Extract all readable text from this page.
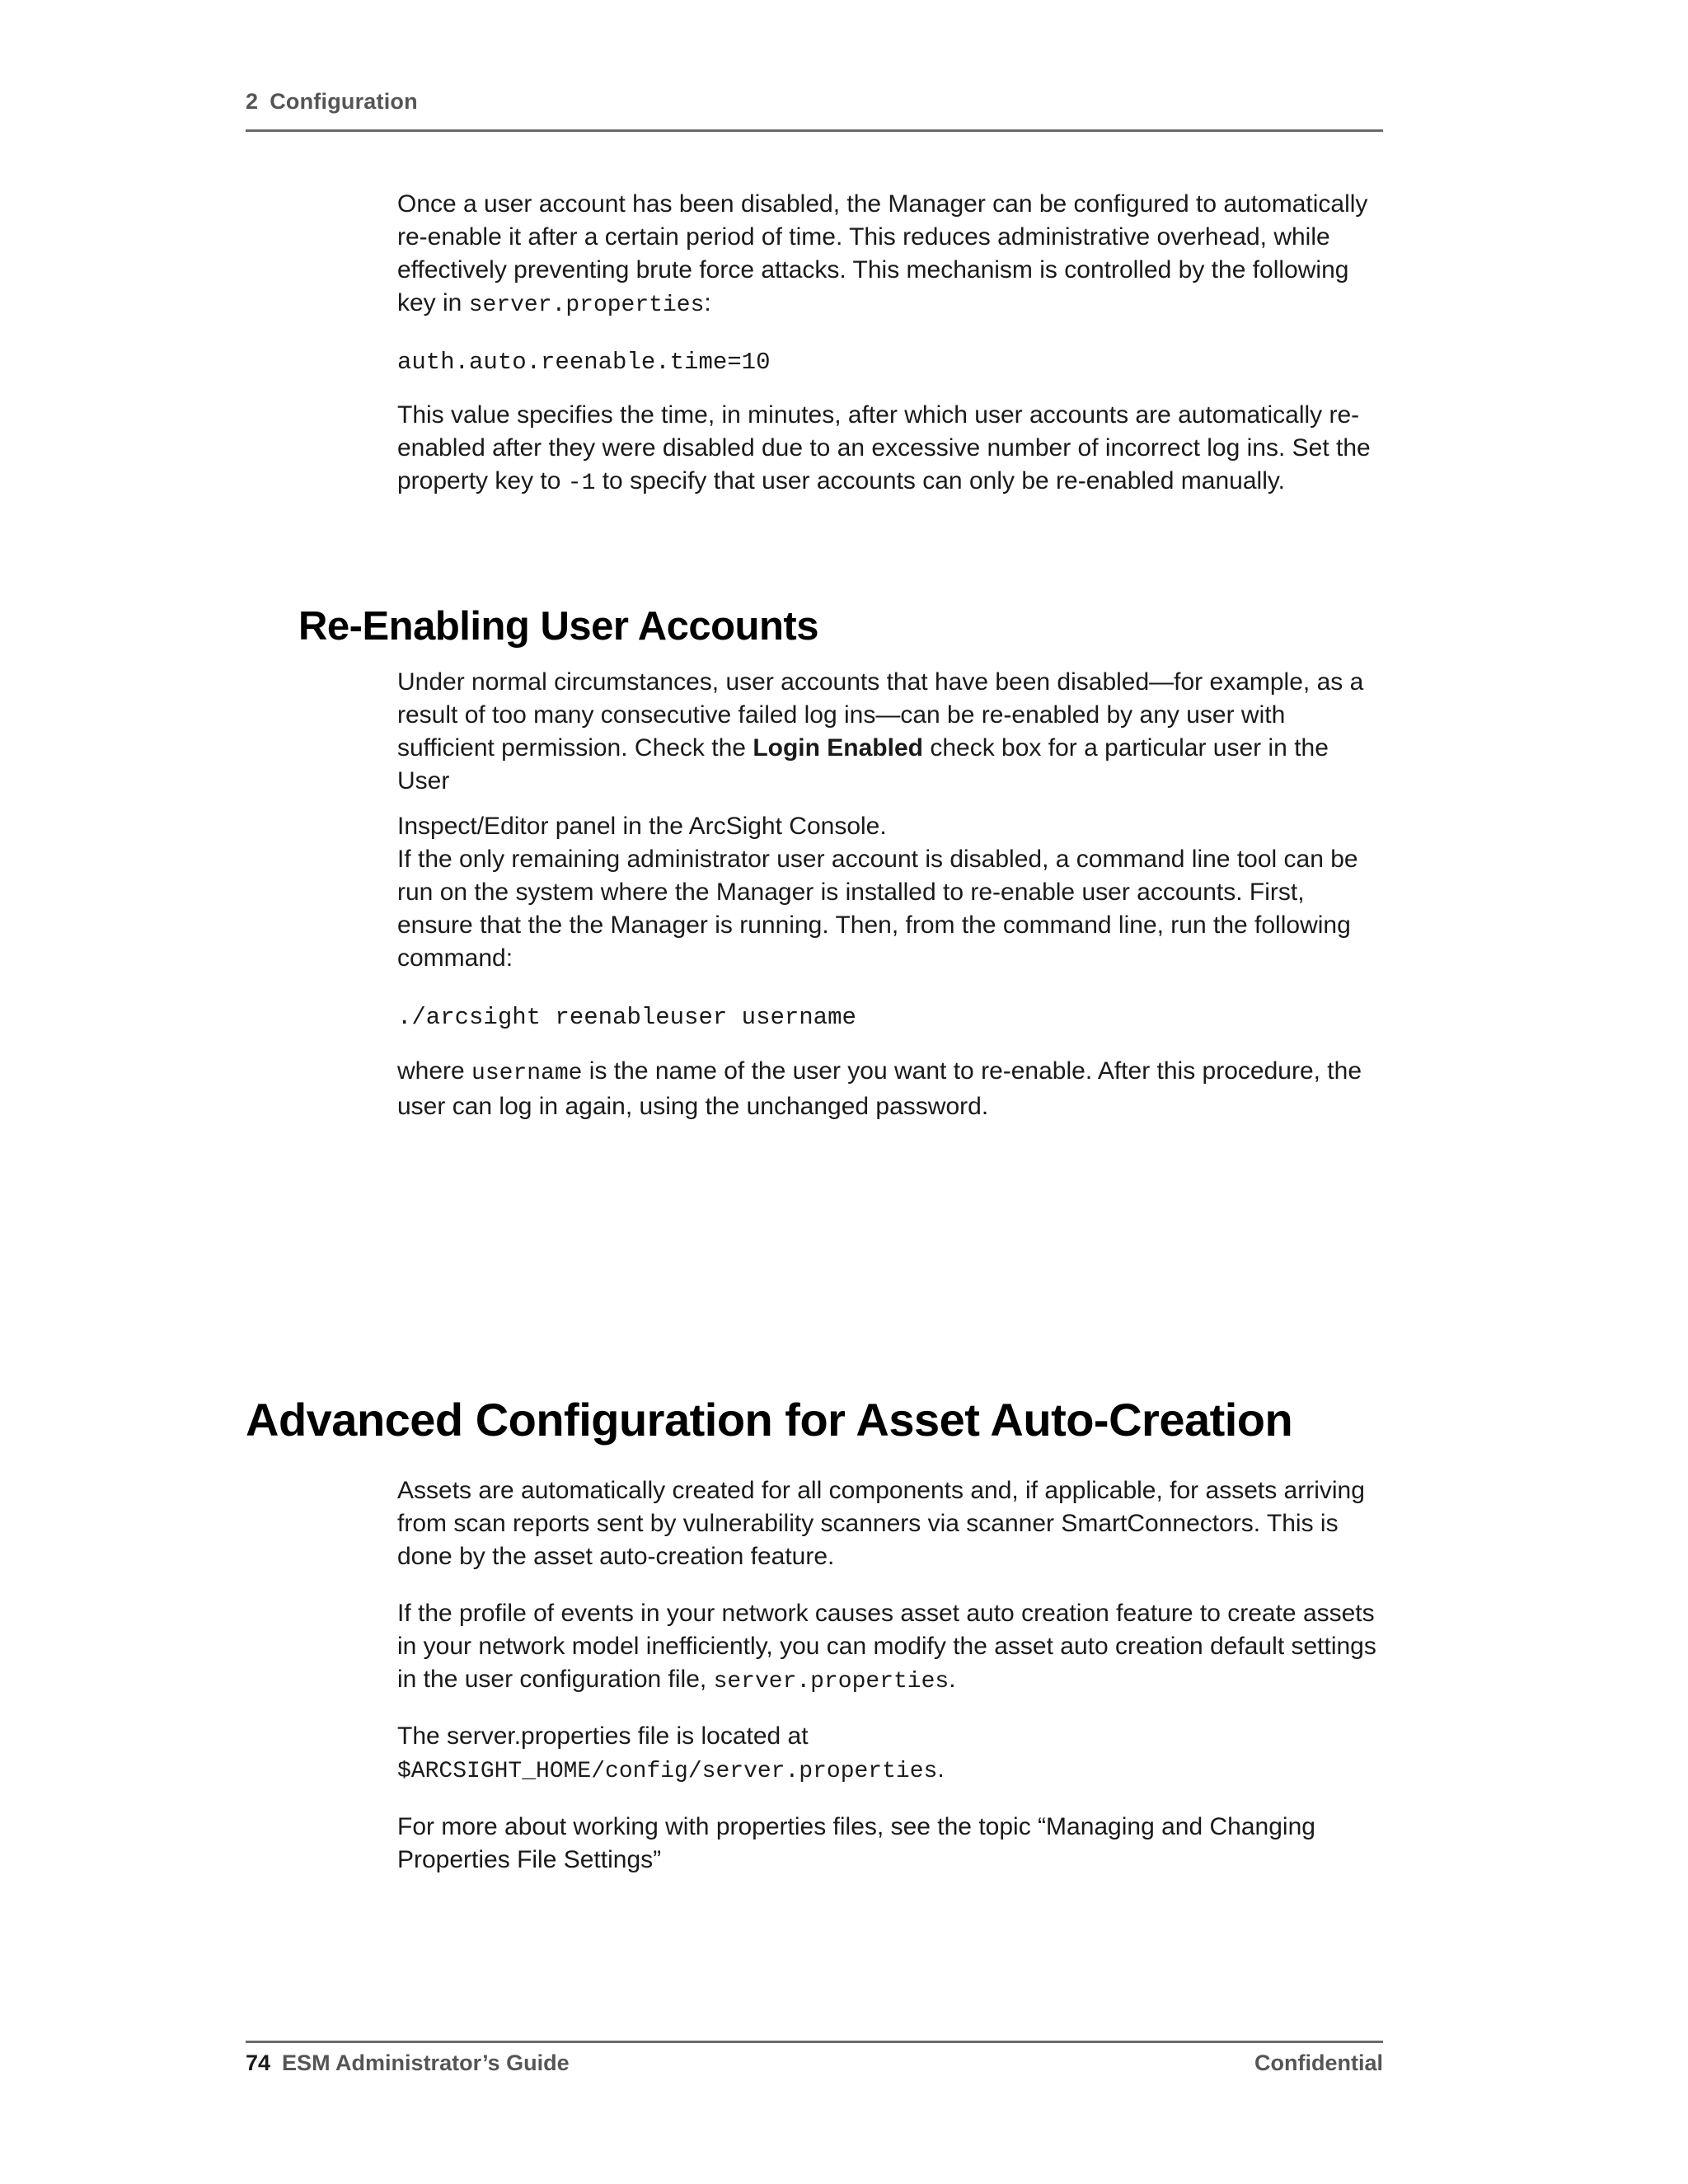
2 Configuration

Once a user account has been disabled, the Manager can be configured to automatically re-enable it after a certain period of time. This reduces administrative overhead, while effectively preventing brute force attacks. This mechanism is controlled by the following key in server.properties:

auth.auto.reenable.time=10

This value specifies the time, in minutes, after which user accounts are automatically re-enabled after they were disabled due to an excessive number of incorrect log ins. Set the property key to -1 to specify that user accounts can only be re-enabled manually.

Re-Enabling User Accounts

Under normal circumstances, user accounts that have been disabled—for example, as a result of too many consecutive failed log ins—can be re-enabled by any user with sufficient permission. Check the Login Enabled check box for a particular user in the User

Inspect/Editor panel in the ArcSight Console.

If the only remaining administrator user account is disabled, a command line tool can be run on the system where the Manager is installed to re-enable user accounts. First, ensure that the the Manager is running. Then, from the command line, run the following command:

./arcsight reenableuser username

where username is the name of the user you want to re-enable. After this procedure, the user can log in again, using the unchanged password.

Advanced Configuration for Asset Auto-Creation

Assets are automatically created for all components and, if applicable, for assets arriving from scan reports sent by vulnerability scanners via scanner SmartConnectors. This is done by the asset auto-creation feature.

If the profile of events in your network causes asset auto creation feature to create assets in your network model inefficiently, you can modify the asset auto creation default settings in the user configuration file, server.properties.

The server.properties file is located at

$ARCSIGHT_HOME/config/server.properties.

For more about working with properties files, see the topic “Managing and Changing Properties File Settings”

74 ESM Administrator’s Guide	Confidential
